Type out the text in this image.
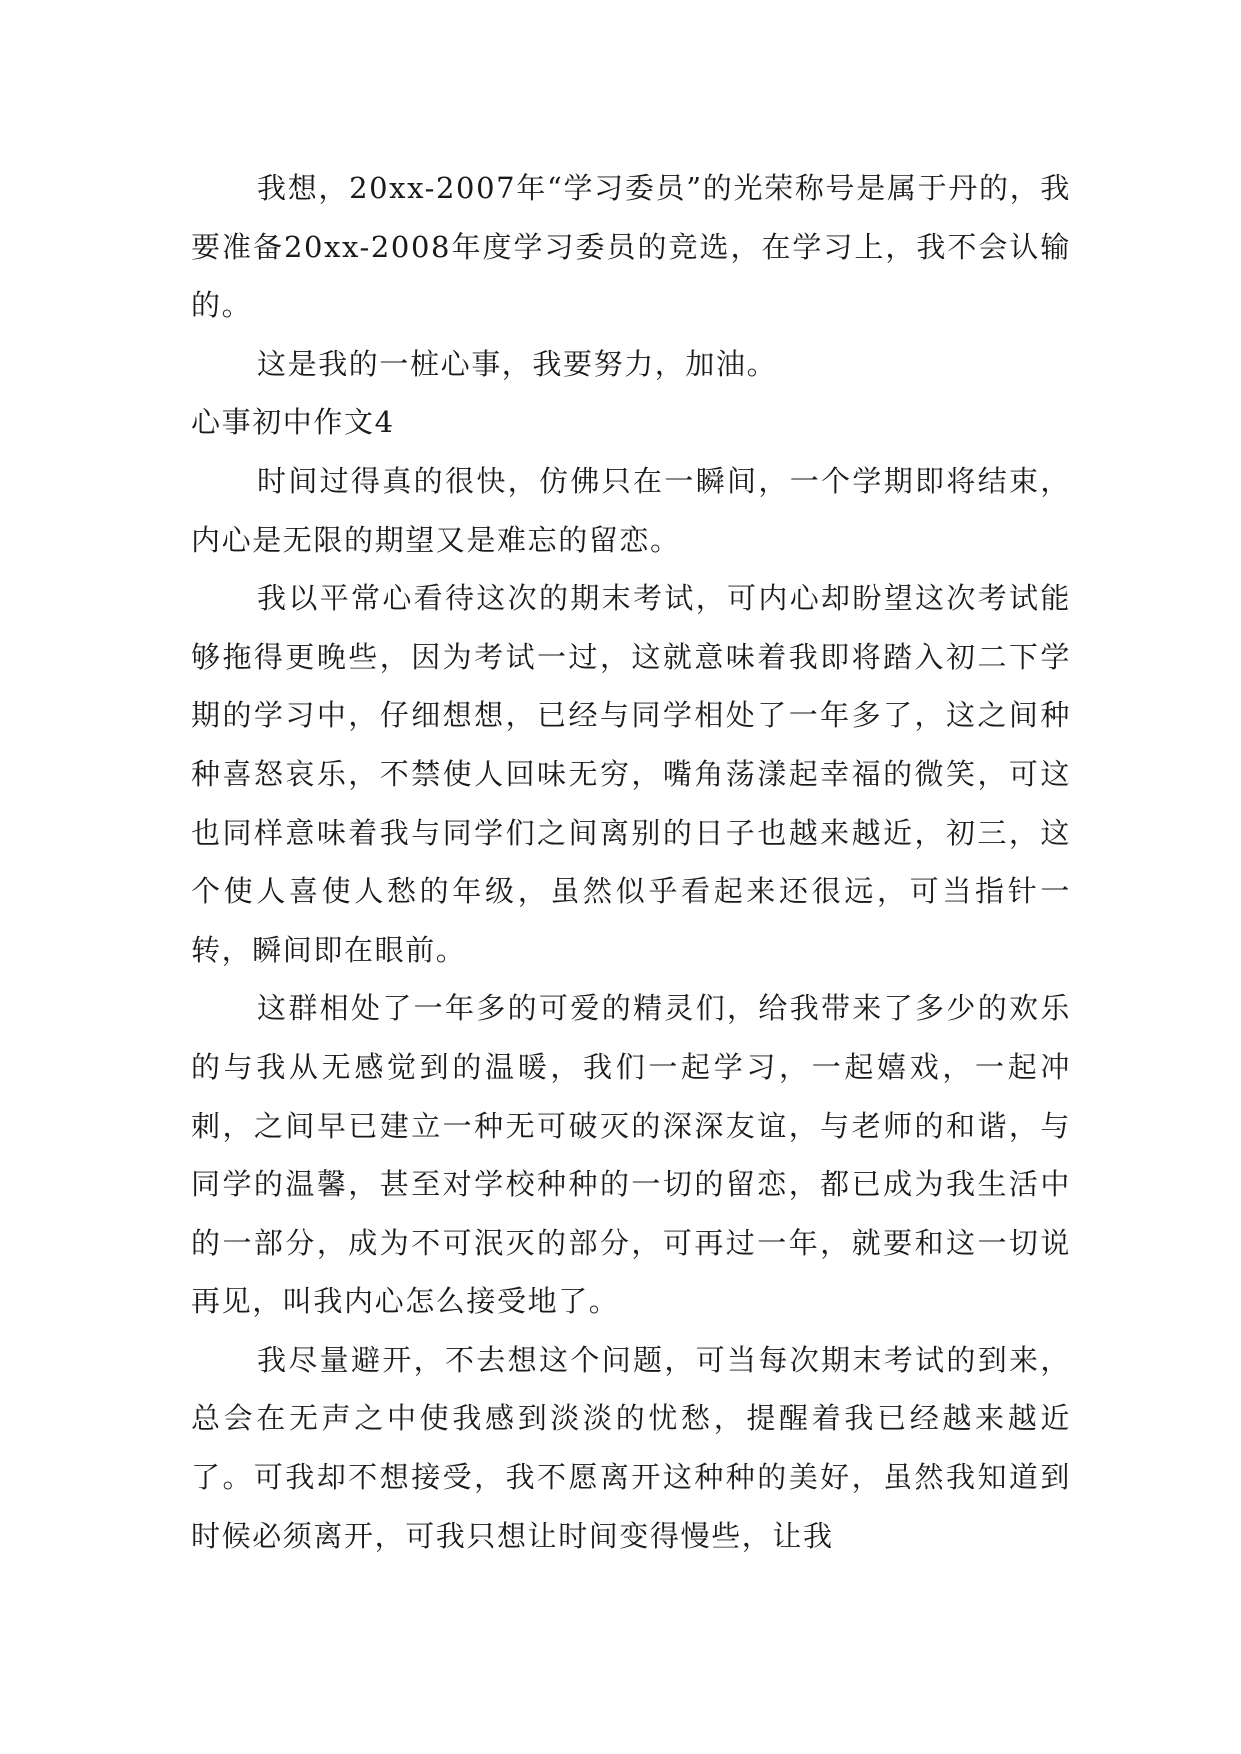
我想，20xx-2007年“学习委员”的光荣称号是属于丹的，我要准备20xx-2008年度学习委员的竞选，在学习上，我不会认输的。

这是我的一桩心事，我要努力，加油。

心事初中作文4

时间过得真的很快，仿佛只在一瞬间，一个学期即将结束，内心是无限的期望又是难忘的留恋。

我以平常心看待这次的期末考试，可内心却盼望这次考试能够拖得更晚些，因为考试一过，这就意味着我即将踏入初二下学期的学习中，仔细想想，已经与同学相处了一年多了，这之间种种喜怒哀乐，不禁使人回味无穷，嘴角荡漾起幸福的微笑，可这也同样意味着我与同学们之间离别的日子也越来越近，初三，这个使人喜使人愁的年级，虽然似乎看起来还很远，可当指针一转，瞬间即在眼前。

这群相处了一年多的可爱的精灵们，给我带来了多少的欢乐的与我从无感觉到的温暖，我们一起学习，一起嬉戏，一起冲刺，之间早已建立一种无可破灭的深深友谊，与老师的和谐，与同学的温馨，甚至对学校种种的一切的留恋，都已成为我生活中的一部分，成为不可泯灭的部分，可再过一年，就要和这一切说再见，叫我内心怎么接受地了。

我尽量避开，不去想这个问题，可当每次期末考试的到来，总会在无声之中使我感到淡淡的忧愁，提醒着我已经越来越近了。可我却不想接受，我不愿离开这种种的美好，虽然我知道到时候必须离开，可我只想让时间变得慢些，让我
